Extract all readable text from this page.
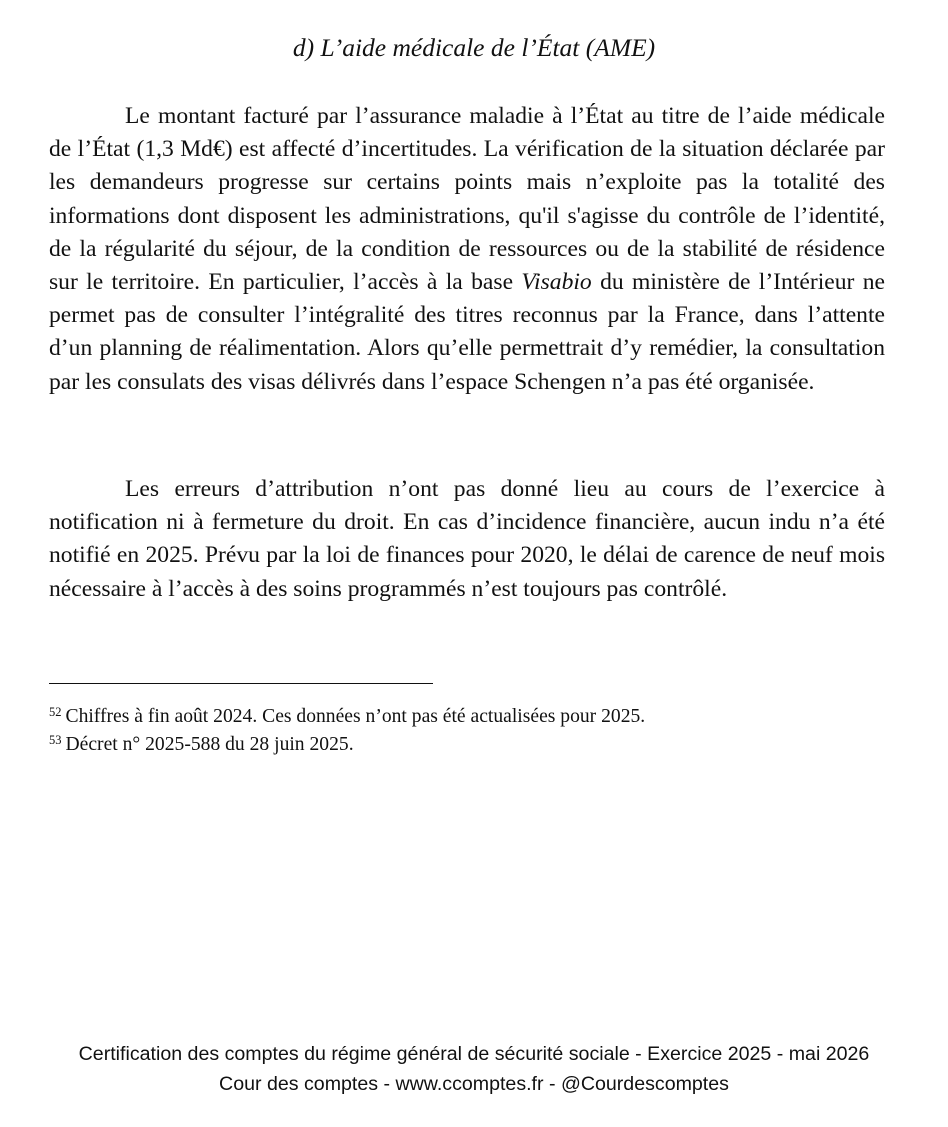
d) L’aide médicale de l’État (AME)

Le montant facturé par l’assurance maladie à l’État au titre de l’aide médicale de l’État (1,3 Md€) est affecté d’incertitudes. La vérification de la situation déclarée par les demandeurs progresse sur certains points mais n’exploite pas la totalité des informations dont disposent les administrations, qu'il s'agisse du contrôle de l’identité, de la régularité du séjour, de la condition de ressources ou de la stabilité de résidence sur le territoire. En particulier, l’accès à la base Visabio du ministère de l’Intérieur ne permet pas de consulter l’intégralité des titres reconnus par la France, dans l’attente d’un planning de réalimentation. Alors qu’elle permettrait d’y remédier, la consultation par les consulats des visas délivrés dans l’espace Schengen n’a pas été organisée.

Les erreurs d’attribution n’ont pas donné lieu au cours de l’exercice à notification ni à fermeture du droit. En cas d’incidence financière, aucun indu n’a été notifié en 2025. Prévu par la loi de finances pour 2020, le délai de carence de neuf mois nécessaire à l’accès à des soins programmés n’est toujours pas contrôlé.

$^{52}$ Chiffres à fin août 2024. Ces données n’ont pas été actualisées pour 2025.

$^{53}$ Décret n° 2025-588 du 28 juin 2025.

Certification des comptes du régime général de sécurité sociale - Exercice 2025 - mai 2026

Cour des comptes - www.ccomptes.fr - @Courdescomptes
